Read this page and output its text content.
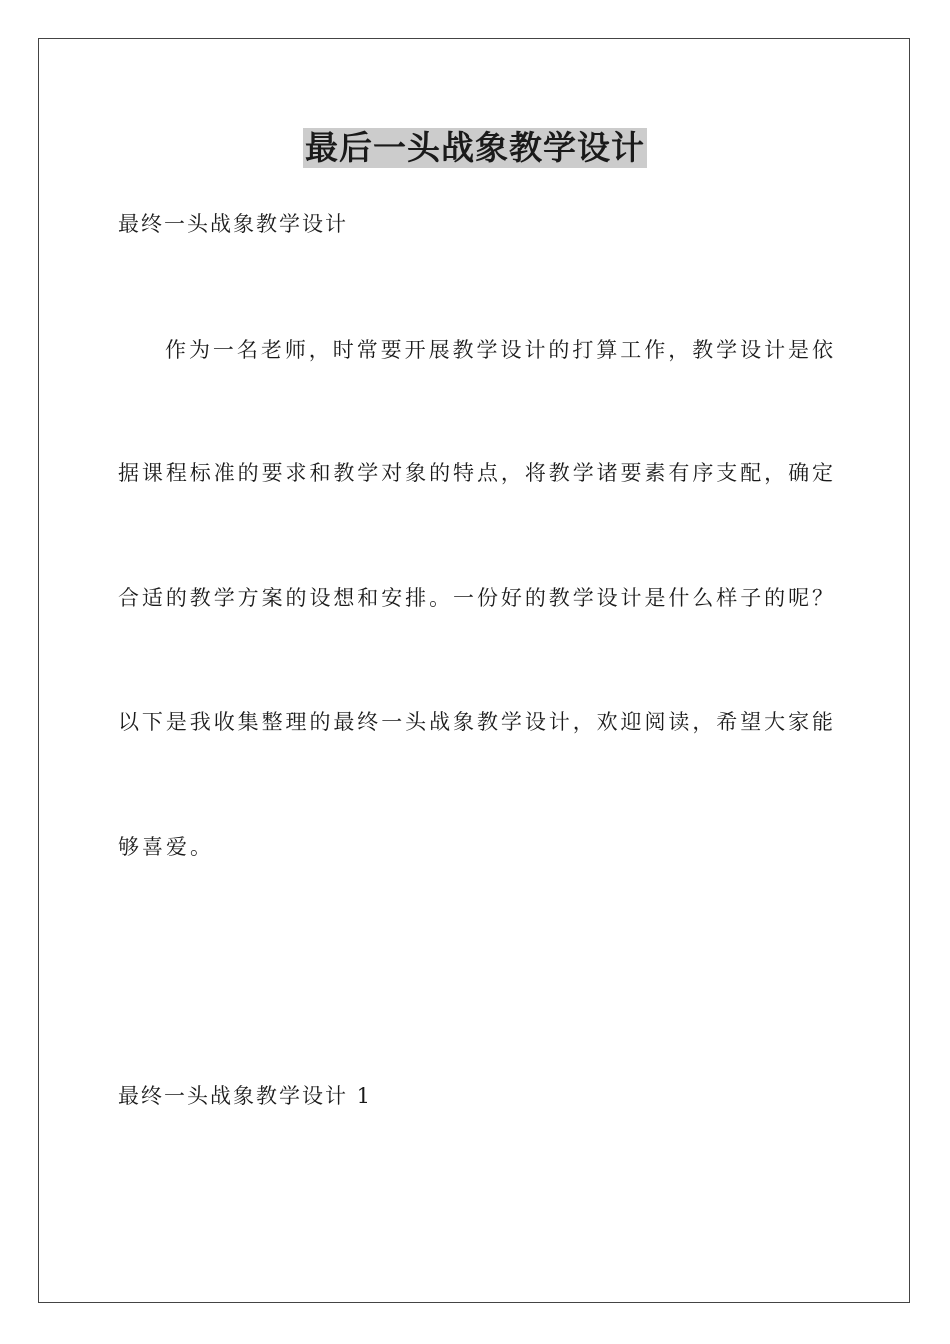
最后一头战象教学设计

最终一头战象教学设计

作为一名老师，时常要开展教学设计的打算工作，教学设计是依

据课程标准的要求和教学对象的特点，将教学诸要素有序支配，确定

合适的教学方案的设想和安排。一份好的教学设计是什么样子的呢？

以下是我收集整理的最终一头战象教学设计，欢迎阅读，希望大家能

够喜爱。

最终一头战象教学设计 1
